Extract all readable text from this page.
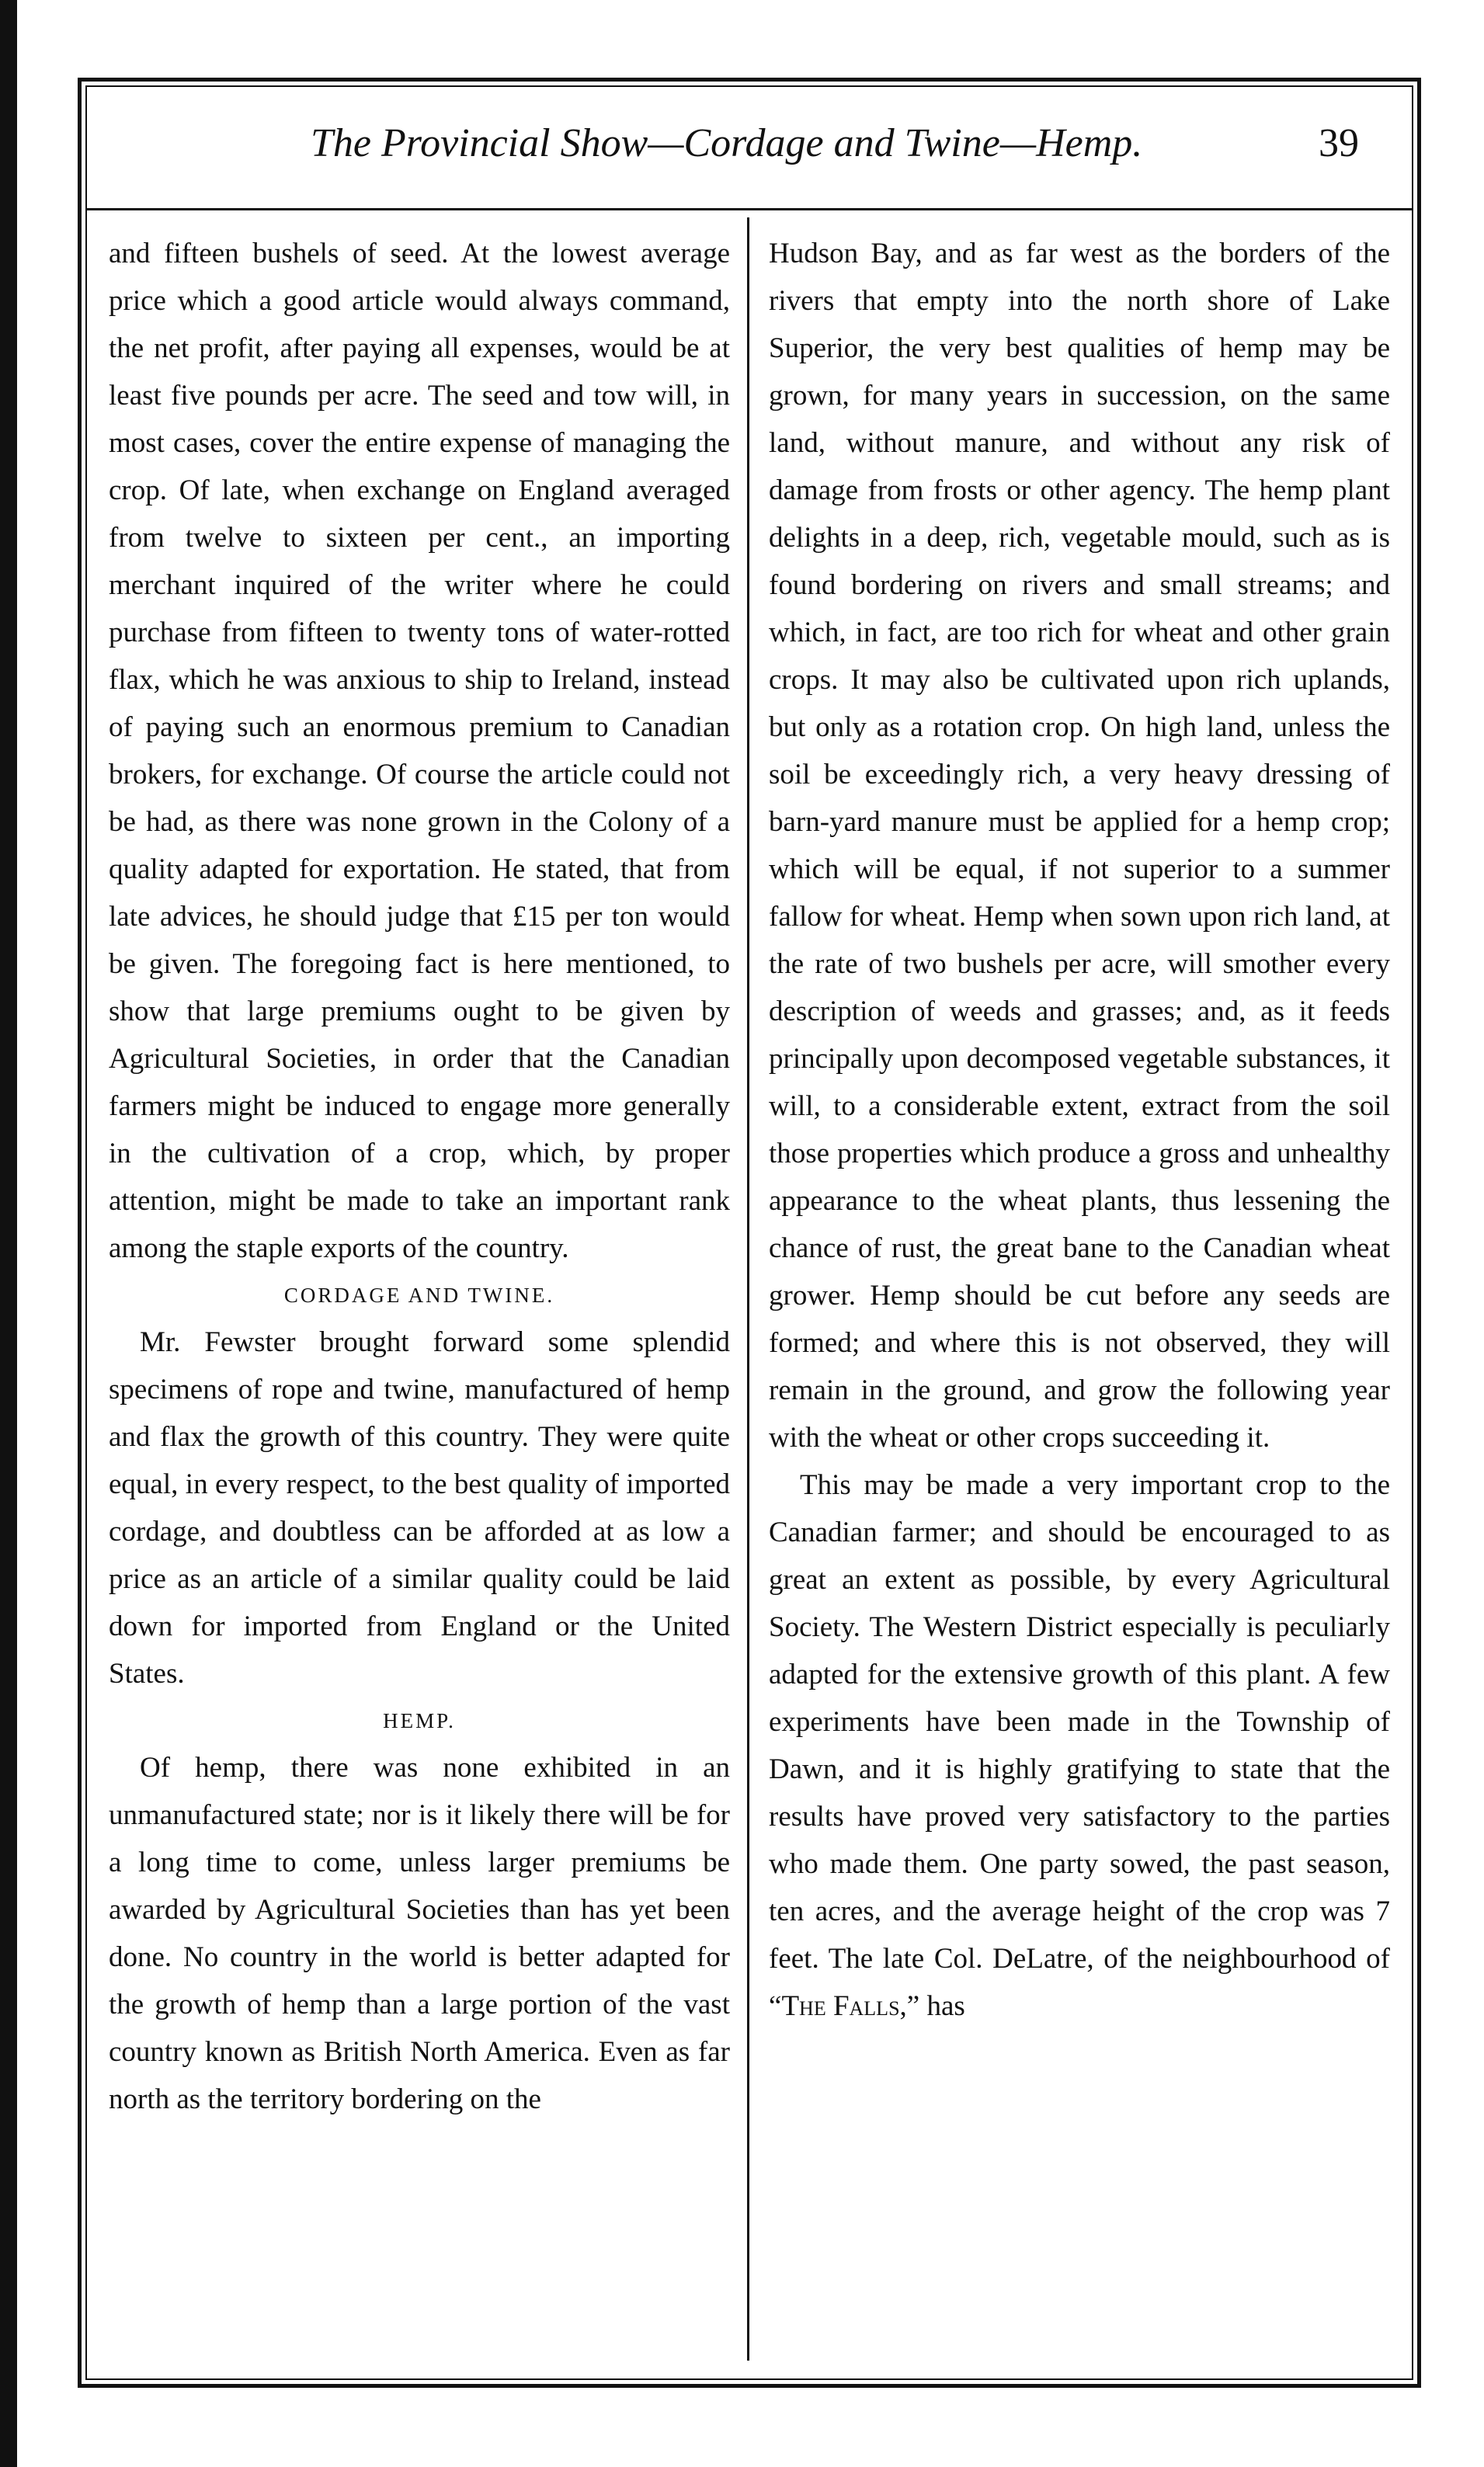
The Provincial Show—Cordage and Twine—Hemp.	39

and fifteen bushels of seed. At the lowest average price which a good article would always command, the net profit, after paying all expenses, would be at least five pounds per acre. The seed and tow will, in most cases, cover the entire expense of managing the crop. Of late, when exchange on England averaged from twelve to sixteen per cent., an importing merchant inquired of the writer where he could purchase from fifteen to twenty tons of water-rotted flax, which he was anxious to ship to Ireland, instead of paying such an enormous premium to Canadian brokers, for exchange. Of course the article could not be had, as there was none grown in the Colony of a quality adapted for exportation. He stated, that from late advices, he should judge that £15 per ton would be given. The foregoing fact is here mentioned, to show that large premiums ought to be given by Agricultural Societies, in order that the Canadian farmers might be induced to engage more generally in the cultivation of a crop, which, by proper attention, might be made to take an important rank among the staple exports of the country.

CORDAGE AND TWINE.

Mr. Fewster brought forward some splendid specimens of rope and twine, manufactured of hemp and flax the growth of this country. They were quite equal, in every respect, to the best quality of imported cordage, and doubtless can be afforded at as low a price as an article of a similar quality could be laid down for imported from England or the United States.

HEMP.

Of hemp, there was none exhibited in an unmanufactured state; nor is it likely there will be for a long time to come, unless larger premiums be awarded by Agricultural Societies than has yet been done. No country in the world is better adapted for the growth of hemp than a large portion of the vast country known as British North America. Even as far north as the territory bordering on the

Hudson Bay, and as far west as the borders of the rivers that empty into the north shore of Lake Superior, the very best qualities of hemp may be grown, for many years in succession, on the same land, without manure, and without any risk of damage from frosts or other agency. The hemp plant delights in a deep, rich, vegetable mould, such as is found bordering on rivers and small streams; and which, in fact, are too rich for wheat and other grain crops. It may also be cultivated upon rich uplands, but only as a rotation crop. On high land, unless the soil be exceedingly rich, a very heavy dressing of barn-yard manure must be applied for a hemp crop; which will be equal, if not superior to a summer fallow for wheat. Hemp when sown upon rich land, at the rate of two bushels per acre, will smother every description of weeds and grasses; and, as it feeds principally upon decomposed vegetable substances, it will, to a considerable extent, extract from the soil those properties which produce a gross and unhealthy appearance to the wheat plants, thus lessening the chance of rust, the great bane to the Canadian wheat grower. Hemp should be cut before any seeds are formed; and where this is not observed, they will remain in the ground, and grow the following year with the wheat or other crops succeeding it.

This may be made a very important crop to the Canadian farmer; and should be encouraged to as great an extent as possible, by every Agricultural Society. The Western District especially is peculiarly adapted for the extensive growth of this plant. A few experiments have been made in the Township of Dawn, and it is highly gratifying to state that the results have proved very satisfactory to the parties who made them. One party sowed, the past season, ten acres, and the average height of the crop was 7 feet. The late Col. DeLatre, of the neighbourhood of “The Falls,” has
